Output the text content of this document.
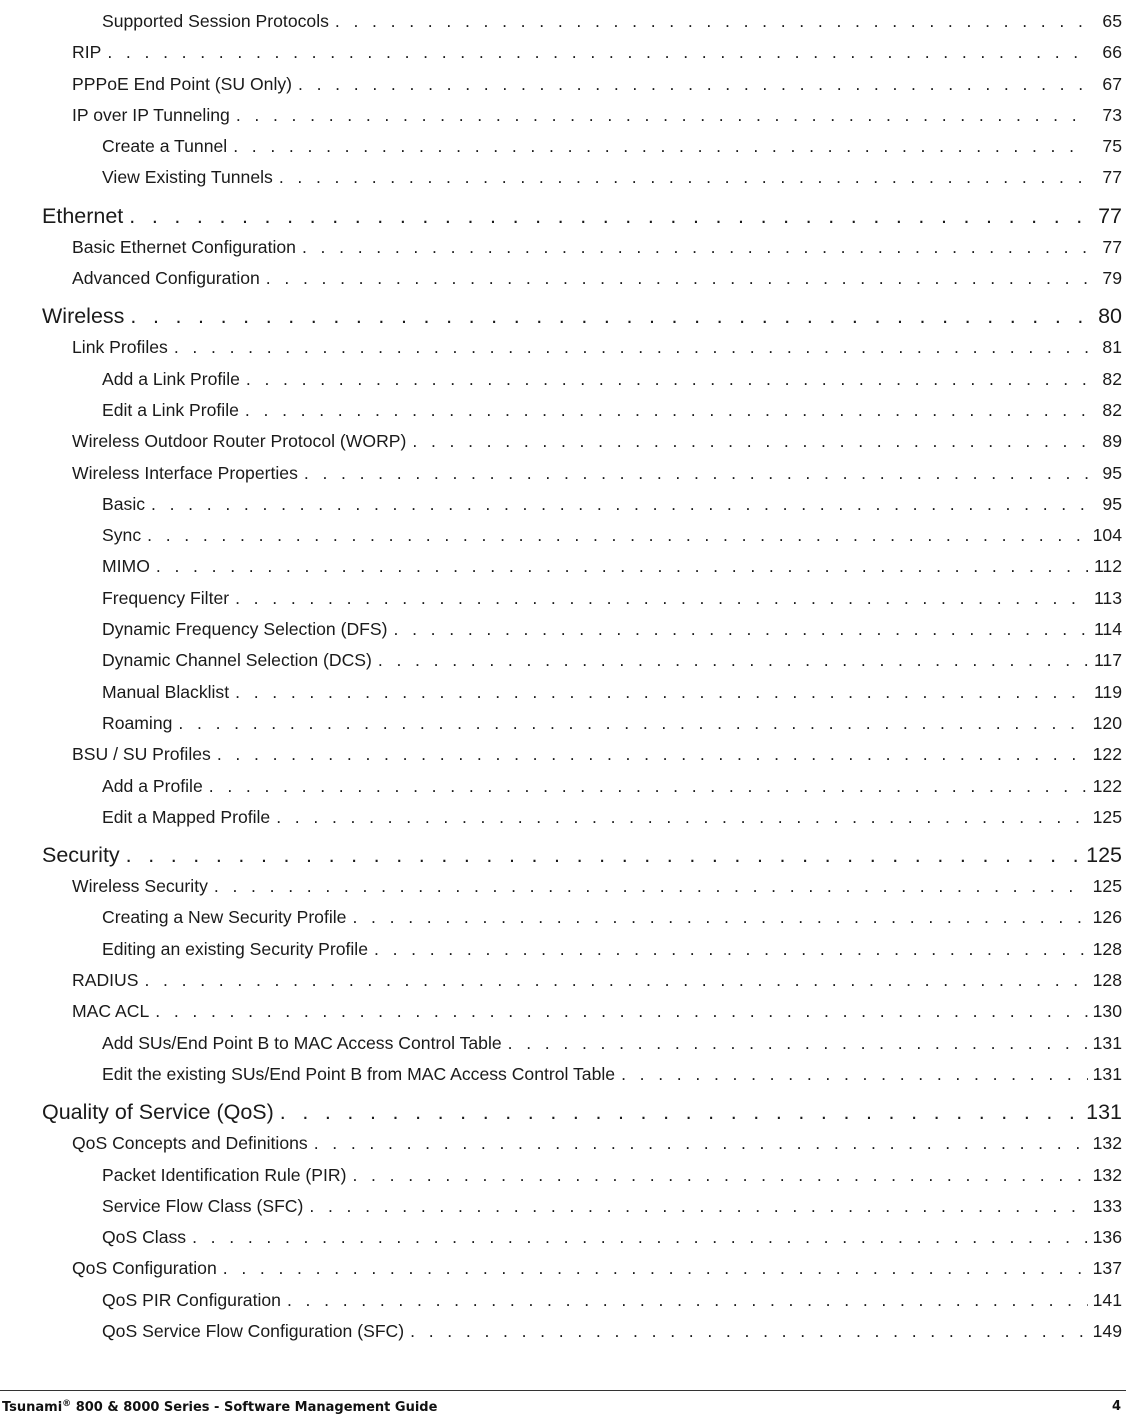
Supported Session Protocols . . .	65
RIP . . .	66
PPPoE End Point (SU Only) . . .	67
IP over IP Tunneling . . .	73
Create a Tunnel . . .	75
View Existing Tunnels . . .	77
Ethernet . . .	77
Basic Ethernet Configuration . . .	77
Advanced Configuration . . .	79
Wireless . . .	80
Link Profiles . . .	81
Add a Link Profile . . .	82
Edit a Link Profile . . .	82
Wireless Outdoor Router Protocol (WORP) . . .	89
Wireless Interface Properties . . .	95
Basic . . .	95
Sync . . .	104
MIMO . . .	112
Frequency Filter . . .	113
Dynamic Frequency Selection (DFS) . . .	114
Dynamic Channel Selection (DCS) . . .	117
Manual Blacklist . . .	119
Roaming . . .	120
BSU / SU Profiles . . .	122
Add a Profile . . .	122
Edit a Mapped Profile . . .	125
Security . . .	125
Wireless Security . . .	125
Creating a New Security Profile . . .	126
Editing an existing Security Profile . . .	128
RADIUS . . .	128
MAC ACL . . .	130
Add SUs/End Point B to MAC Access Control Table . . .	131
Edit the existing SUs/End Point B from MAC Access Control Table . . .	131
Quality of Service (QoS) . . .	131
QoS Concepts and Definitions . . .	132
Packet Identification Rule (PIR) . . .	132
Service Flow Class (SFC) . . .	133
QoS Class . . .	136
QoS Configuration . . .	137
QoS PIR Configuration . . .	141
QoS Service Flow Configuration (SFC) . . .	149
Tsunami® 800 & 8000 Series - Software Management Guide	4
